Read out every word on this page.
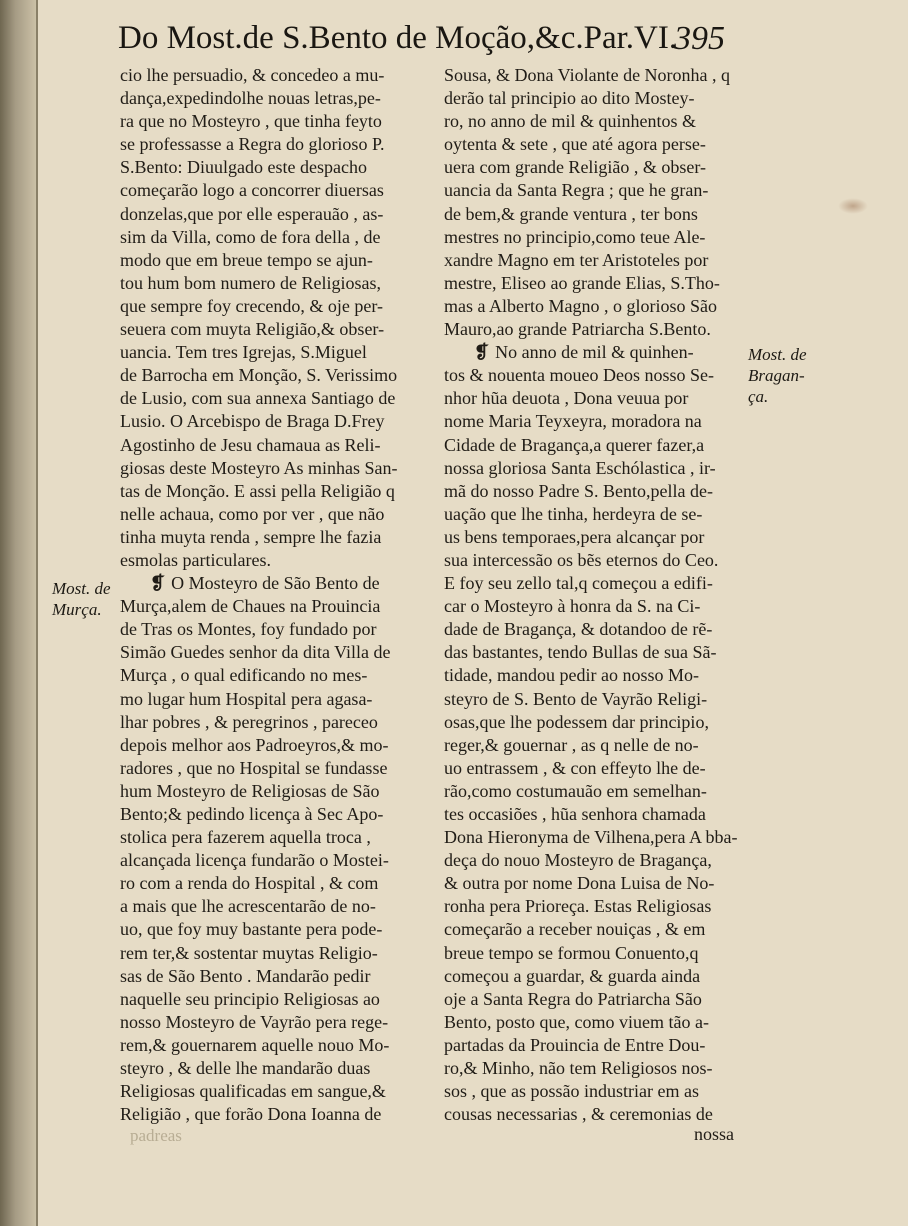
Do Most.de S.Bento de Moção,&c.Par.VI.
395
cio lhe persuadio, & concedeo a mu-
dança,expedindolhe nouas letras,pe-
ra que no Mosteyro , que tinha feyto
se professasse a Regra do glorioso P.
S.Bento: Diuulgado este despacho
começarão logo a concorrer diuersas
donzelas,que por elle esperauão , as-
sim da Villa, como de fora della , de
modo que em breue tempo se ajun-
tou hum bom numero de Religiosas,
que sempre foy crecendo, & oje per-
seuera com muyta Religião,& obser-
uancia. Tem tres Igrejas, S.Miguel
de Barrocha em Monção, S. Verissimo
de Lusio, com sua annexa Santiago de
Lusio. O Arcebispo de Braga D.Frey
Agostinho de Jesu chamaua as Reli-
giosas deste Mosteyro As minhas San-
tas de Monção. E assi pella Religião q
nelle achaua, como por ver , que não
tinha muyta renda , sempre lhe fazia
esmolas particulares.
❡ O Mosteyro de São Bento de
Murça,alem de Chaues na Prouincia
de Tras os Montes, foy fundado por
Simão Guedes senhor da dita Villa de
Murça , o qual edificando no mes-
mo lugar hum Hospital pera agasa-
lhar pobres , & peregrinos , pareceo
depois melhor aos Padroeyros,& mo-
radores , que no Hospital se fundasse
hum Mosteyro de Religiosas de São
Bento;& pedindo licença à Sec Apo-
stolica pera fazerem aquella troca ,
alcançada licença fundarão o Mostei-
ro com a renda do Hospital , & com
a mais que lhe acrescentarão de no-
uo, que foy muy bastante pera pode-
rem ter,& sostentar muytas Religio-
sas de São Bento . Mandarão pedir
naquelle seu principio Religiosas ao
nosso Mosteyro de Vayrão pera rege-
rem,& gouernarem aquelle nouo Mo-
steyro , & delle lhe mandarão duas
Religiosas qualificadas em sangue,&
Religião , que forão Dona Ioanna de
Sousa, & Dona Violante de Noronha , q
derão tal principio ao dito Mostey-
ro, no anno de mil & quinhentos &
oytenta & sete , que até agora perse-
uera com grande Religião , & obser-
uancia da Santa Regra ; que he gran-
de bem,& grande ventura , ter bons
mestres no principio,como teue Ale-
xandre Magno em ter Aristoteles por
mestre, Eliseo ao grande Elias, S.Tho-
mas a Alberto Magno , o glorioso São
Mauro,ao grande Patriarcha S.Bento.
❡ No anno de mil & quinhen-
tos & nouenta moueo Deos nosso Se-
nhor hũa deuota , Dona veuua por
nome Maria Teyxeyra, moradora na
Cidade de Bragança,a querer fazer,a
nossa gloriosa Santa Eschólastica , ir-
mã do nosso Padre S. Bento,pella de-
uação que lhe tinha, herdeyra de se-
us bens temporaes,pera alcançar por
sua intercessão os bẽs eternos do Ceo.
E foy seu zello tal,q começou a edifi-
car o Mosteyro à honra da S. na Ci-
dade de Bragança, & dotandoo de rẽ-
das bastantes, tendo Bullas de sua Sã-
tidade, mandou pedir ao nosso Mo-
steyro de S. Bento de Vayrão Religi-
osas,que lhe podessem dar principio,
reger,& gouernar , as q nelle de no-
uo entrassem , & con effeyto lhe de-
rão,como costumauão em semelhan-
tes occasiões , hũa senhora chamada
Dona Hieronyma de Vilhena,pera A bba-
deça do nouo Mosteyro de Bragança,
& outra por nome Dona Luisa de No-
ronha pera Prioreça. Estas Religiosas
começarão a receber nouiças , & em
breue tempo se formou Conuento,q
começou a guardar, & guarda ainda
oje a Santa Regra do Patriarcha São
Bento, posto que, como viuem tão a-
partadas da Prouincia de Entre Dou-
ro,& Minho, não tem Religiosos nos-
sos , que as possão industriar em as
cousas necessarias , & ceremonias de
Most. de
Murça.
Most. de
Bragan-
ça.
padreas	nossa
